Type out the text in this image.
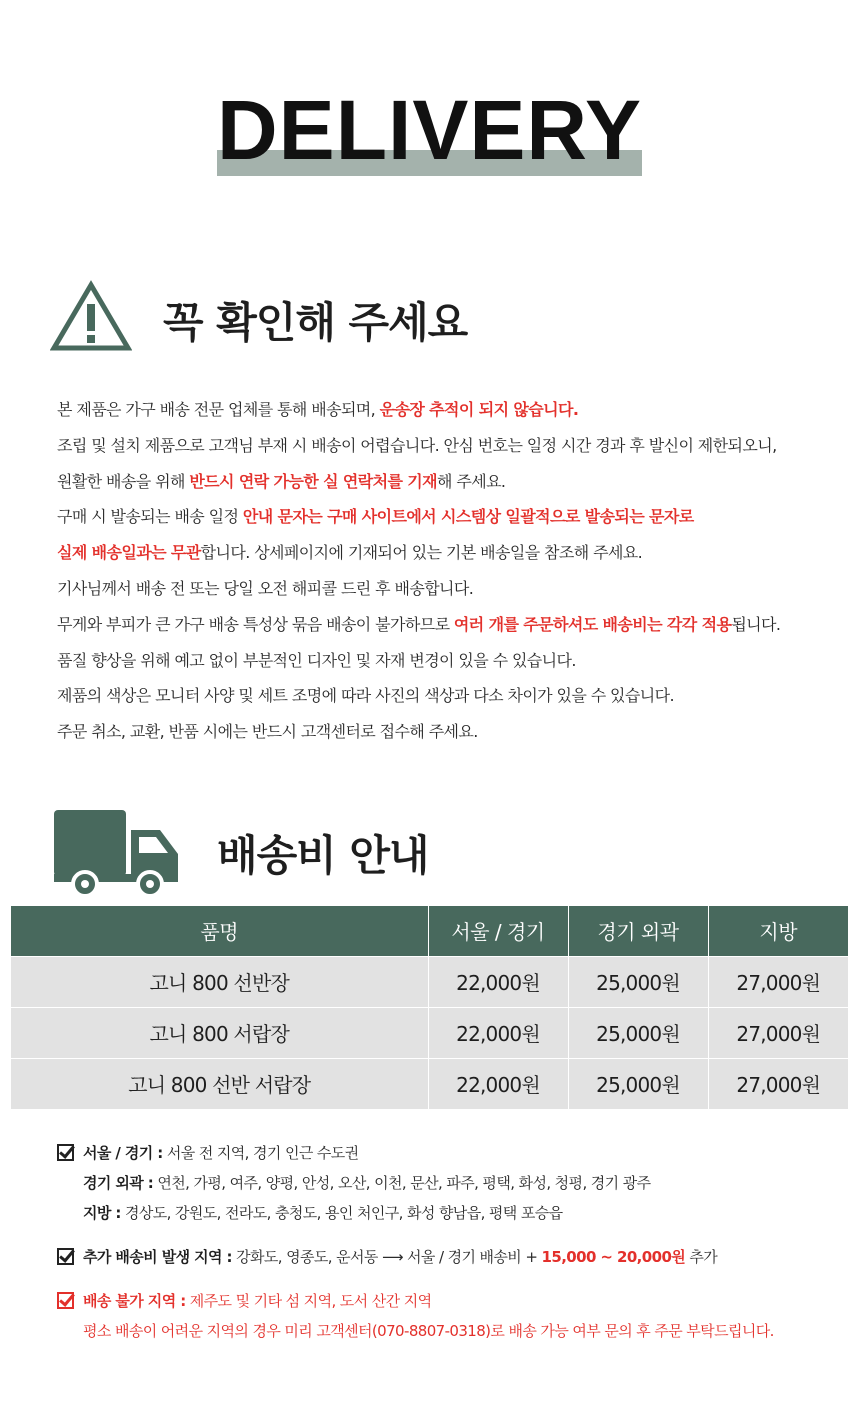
DELIVERY
꼭 확인해 주세요

본 제품은 가구 배송 전문 업체를 통해 배송되며, 운송장 추적이 되지 않습니다.

조립 및 설치 제품으로 고객님 부재 시 배송이 어렵습니다. 안심 번호는 일정 시간 경과 후 발신이 제한되오니,

원활한 배송을 위해 반드시 연락 가능한 실 연락처를 기재해 주세요.

구매 시 발송되는 배송 일정 안내 문자는 구매 사이트에서 시스템상 일괄적으로 발송되는 문자로

실제 배송일과는 무관합니다. 상세페이지에 기재되어 있는 기본 배송일을 참조해 주세요.

기사님께서 배송 전 또는 당일 오전 해피콜 드린 후 배송합니다.

무게와 부피가 큰 가구 배송 특성상 묶음 배송이 불가하므로 여러 개를 주문하셔도 배송비는 각각 적용됩니다.

품질 향상을 위해 예고 없이 부분적인 디자인 및 자재 변경이 있을 수 있습니다.

제품의 색상은 모니터 사양 및 세트 조명에 따라 사진의 색상과 다소 차이가 있을 수 있습니다.

주문 취소, 교환, 반품 시에는 반드시 고객센터로 접수해 주세요.

배송비 안내
품명	서울 / 경기	경기 외곽	지방
고니 800 선반장	22,000원	25,000원	27,000원
고니 800 서랍장	22,000원	25,000원	27,000원
고니 800 선반 서랍장	22,000원	25,000원	27,000원
서울 / 경기 : 서울 전 지역, 경기 인근 수도권
경기 외곽 : 연천, 가평, 여주, 양평, 안성, 오산, 이천, 문산, 파주, 평택, 화성, 청평, 경기 광주
지방 : 경상도, 강원도, 전라도, 충청도, 용인 처인구, 화성 향남읍, 평택 포승읍
추가 배송비 발생 지역 : 강화도, 영종도, 운서동 ⟶ 서울 / 경기 배송비 + 15,000 ~ 20,000원 추가
배송 불가 지역 : 제주도 및 기타 섬 지역, 도서 산간 지역
평소 배송이 어려운 지역의 경우 미리 고객센터(070-8807-0318)로 배송 가능 여부 문의 후 주문 부탁드립니다.
